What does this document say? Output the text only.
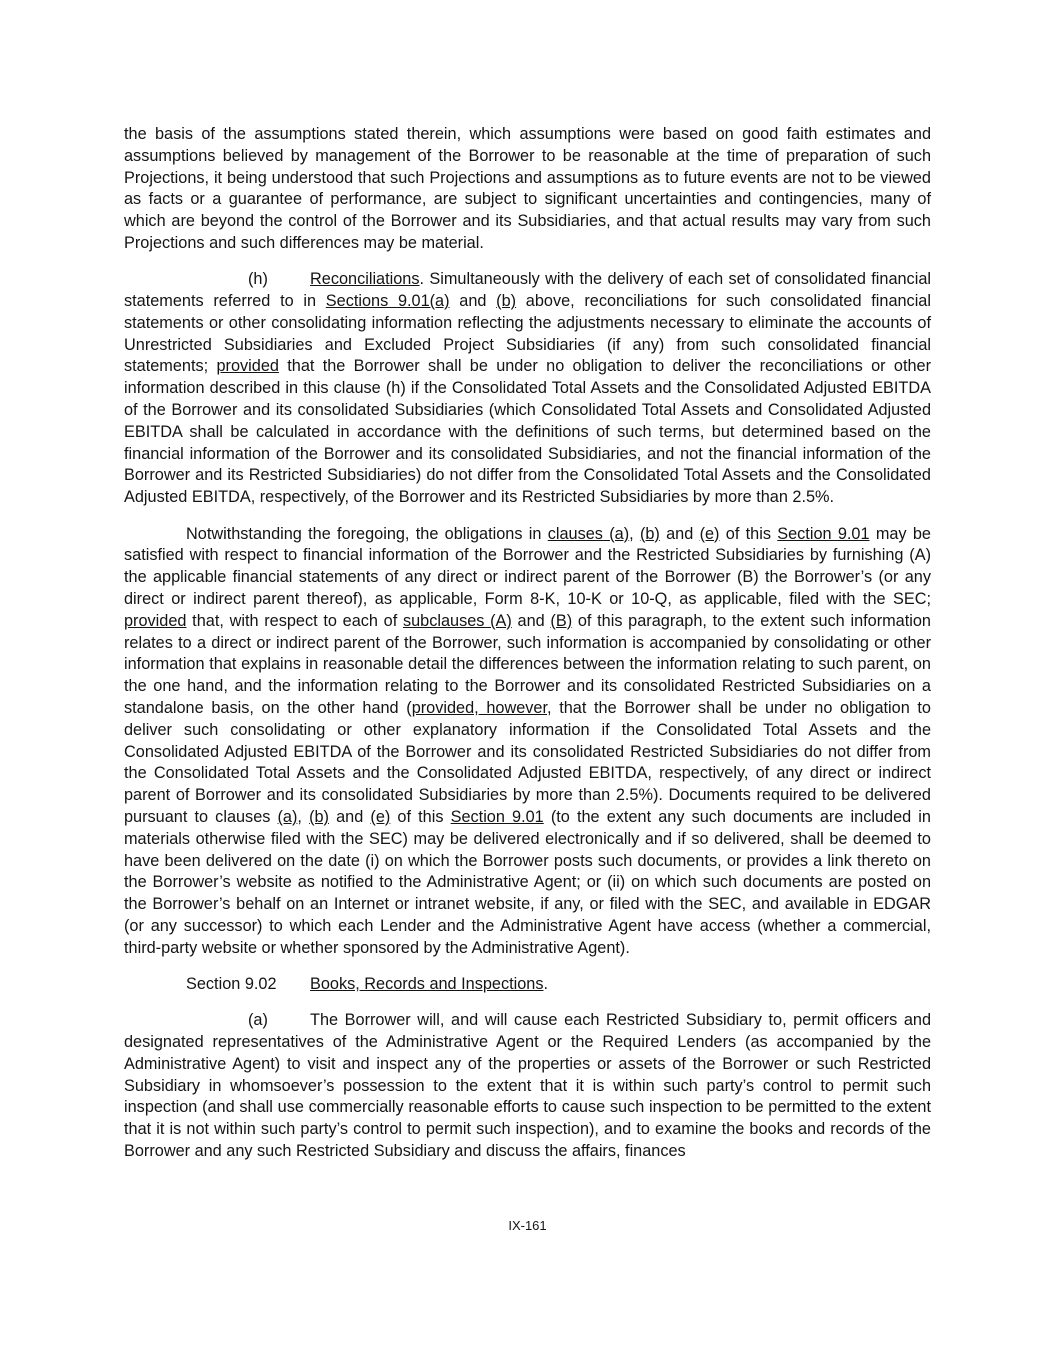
the basis of the assumptions stated therein, which assumptions were based on good faith estimates and assumptions believed by management of the Borrower to be reasonable at the time of preparation of such Projections, it being understood that such Projections and assumptions as to future events are not to be viewed as facts or a guarantee of performance, are subject to significant uncertainties and contingencies, many of which are beyond the control of the Borrower and its Subsidiaries, and that actual results may vary from such Projections and such differences may be material.

(h)	Reconciliations. Simultaneously with the delivery of each set of consolidated financial statements referred to in Sections 9.01(a) and (b) above, reconciliations for such consolidated financial statements or other consolidating information reflecting the adjustments necessary to eliminate the accounts of Unrestricted Subsidiaries and Excluded Project Subsidiaries (if any) from such consolidated financial statements; provided that the Borrower shall be under no obligation to deliver the reconciliations or other information described in this clause (h) if the Consolidated Total Assets and the Consolidated Adjusted EBITDA of the Borrower and its consolidated Subsidiaries (which Consolidated Total Assets and Consolidated Adjusted EBITDA shall be calculated in accordance with the definitions of such terms, but determined based on the financial information of the Borrower and its consolidated Subsidiaries, and not the financial information of the Borrower and its Restricted Subsidiaries) do not differ from the Consolidated Total Assets and the Consolidated Adjusted EBITDA, respectively, of the Borrower and its Restricted Subsidiaries by more than 2.5%.

Notwithstanding the foregoing, the obligations in clauses (a), (b) and (e) of this Section 9.01 may be satisfied with respect to financial information of the Borrower and the Restricted Subsidiaries by furnishing (A) the applicable financial statements of any direct or indirect parent of the Borrower (B) the Borrower’s (or any direct or indirect parent thereof), as applicable, Form 8-K, 10-K or 10-Q, as applicable, filed with the SEC; provided that, with respect to each of subclauses (A) and (B) of this paragraph, to the extent such information relates to a direct or indirect parent of the Borrower, such information is accompanied by consolidating or other information that explains in reasonable detail the differences between the information relating to such parent, on the one hand, and the information relating to the Borrower and its consolidated Restricted Subsidiaries on a standalone basis, on the other hand (provided, however, that the Borrower shall be under no obligation to deliver such consolidating or other explanatory information if the Consolidated Total Assets and the Consolidated Adjusted EBITDA of the Borrower and its consolidated Restricted Subsidiaries do not differ from the Consolidated Total Assets and the Consolidated Adjusted EBITDA, respectively, of any direct or indirect parent of Borrower and its consolidated Subsidiaries by more than 2.5%). Documents required to be delivered pursuant to clauses (a), (b) and (e) of this Section 9.01 (to the extent any such documents are included in materials otherwise filed with the SEC) may be delivered electronically and if so delivered, shall be deemed to have been delivered on the date (i) on which the Borrower posts such documents, or provides a link thereto on the Borrower’s website as notified to the Administrative Agent; or (ii) on which such documents are posted on the Borrower’s behalf on an Internet or intranet website, if any, or filed with the SEC, and available in EDGAR (or any successor) to which each Lender and the Administrative Agent have access (whether a commercial, third-party website or whether sponsored by the Administrative Agent).

Section 9.02 Books, Records and Inspections.

(a)	The Borrower will, and will cause each Restricted Subsidiary to, permit officers and designated representatives of the Administrative Agent or the Required Lenders (as accompanied by the Administrative Agent) to visit and inspect any of the properties or assets of the Borrower or such Restricted Subsidiary in whomsoever’s possession to the extent that it is within such party’s control to permit such inspection (and shall use commercially reasonable efforts to cause such inspection to be permitted to the extent that it is not within such party’s control to permit such inspection), and to examine the books and records of the Borrower and any such Restricted Subsidiary and discuss the affairs, finances

IX-161
